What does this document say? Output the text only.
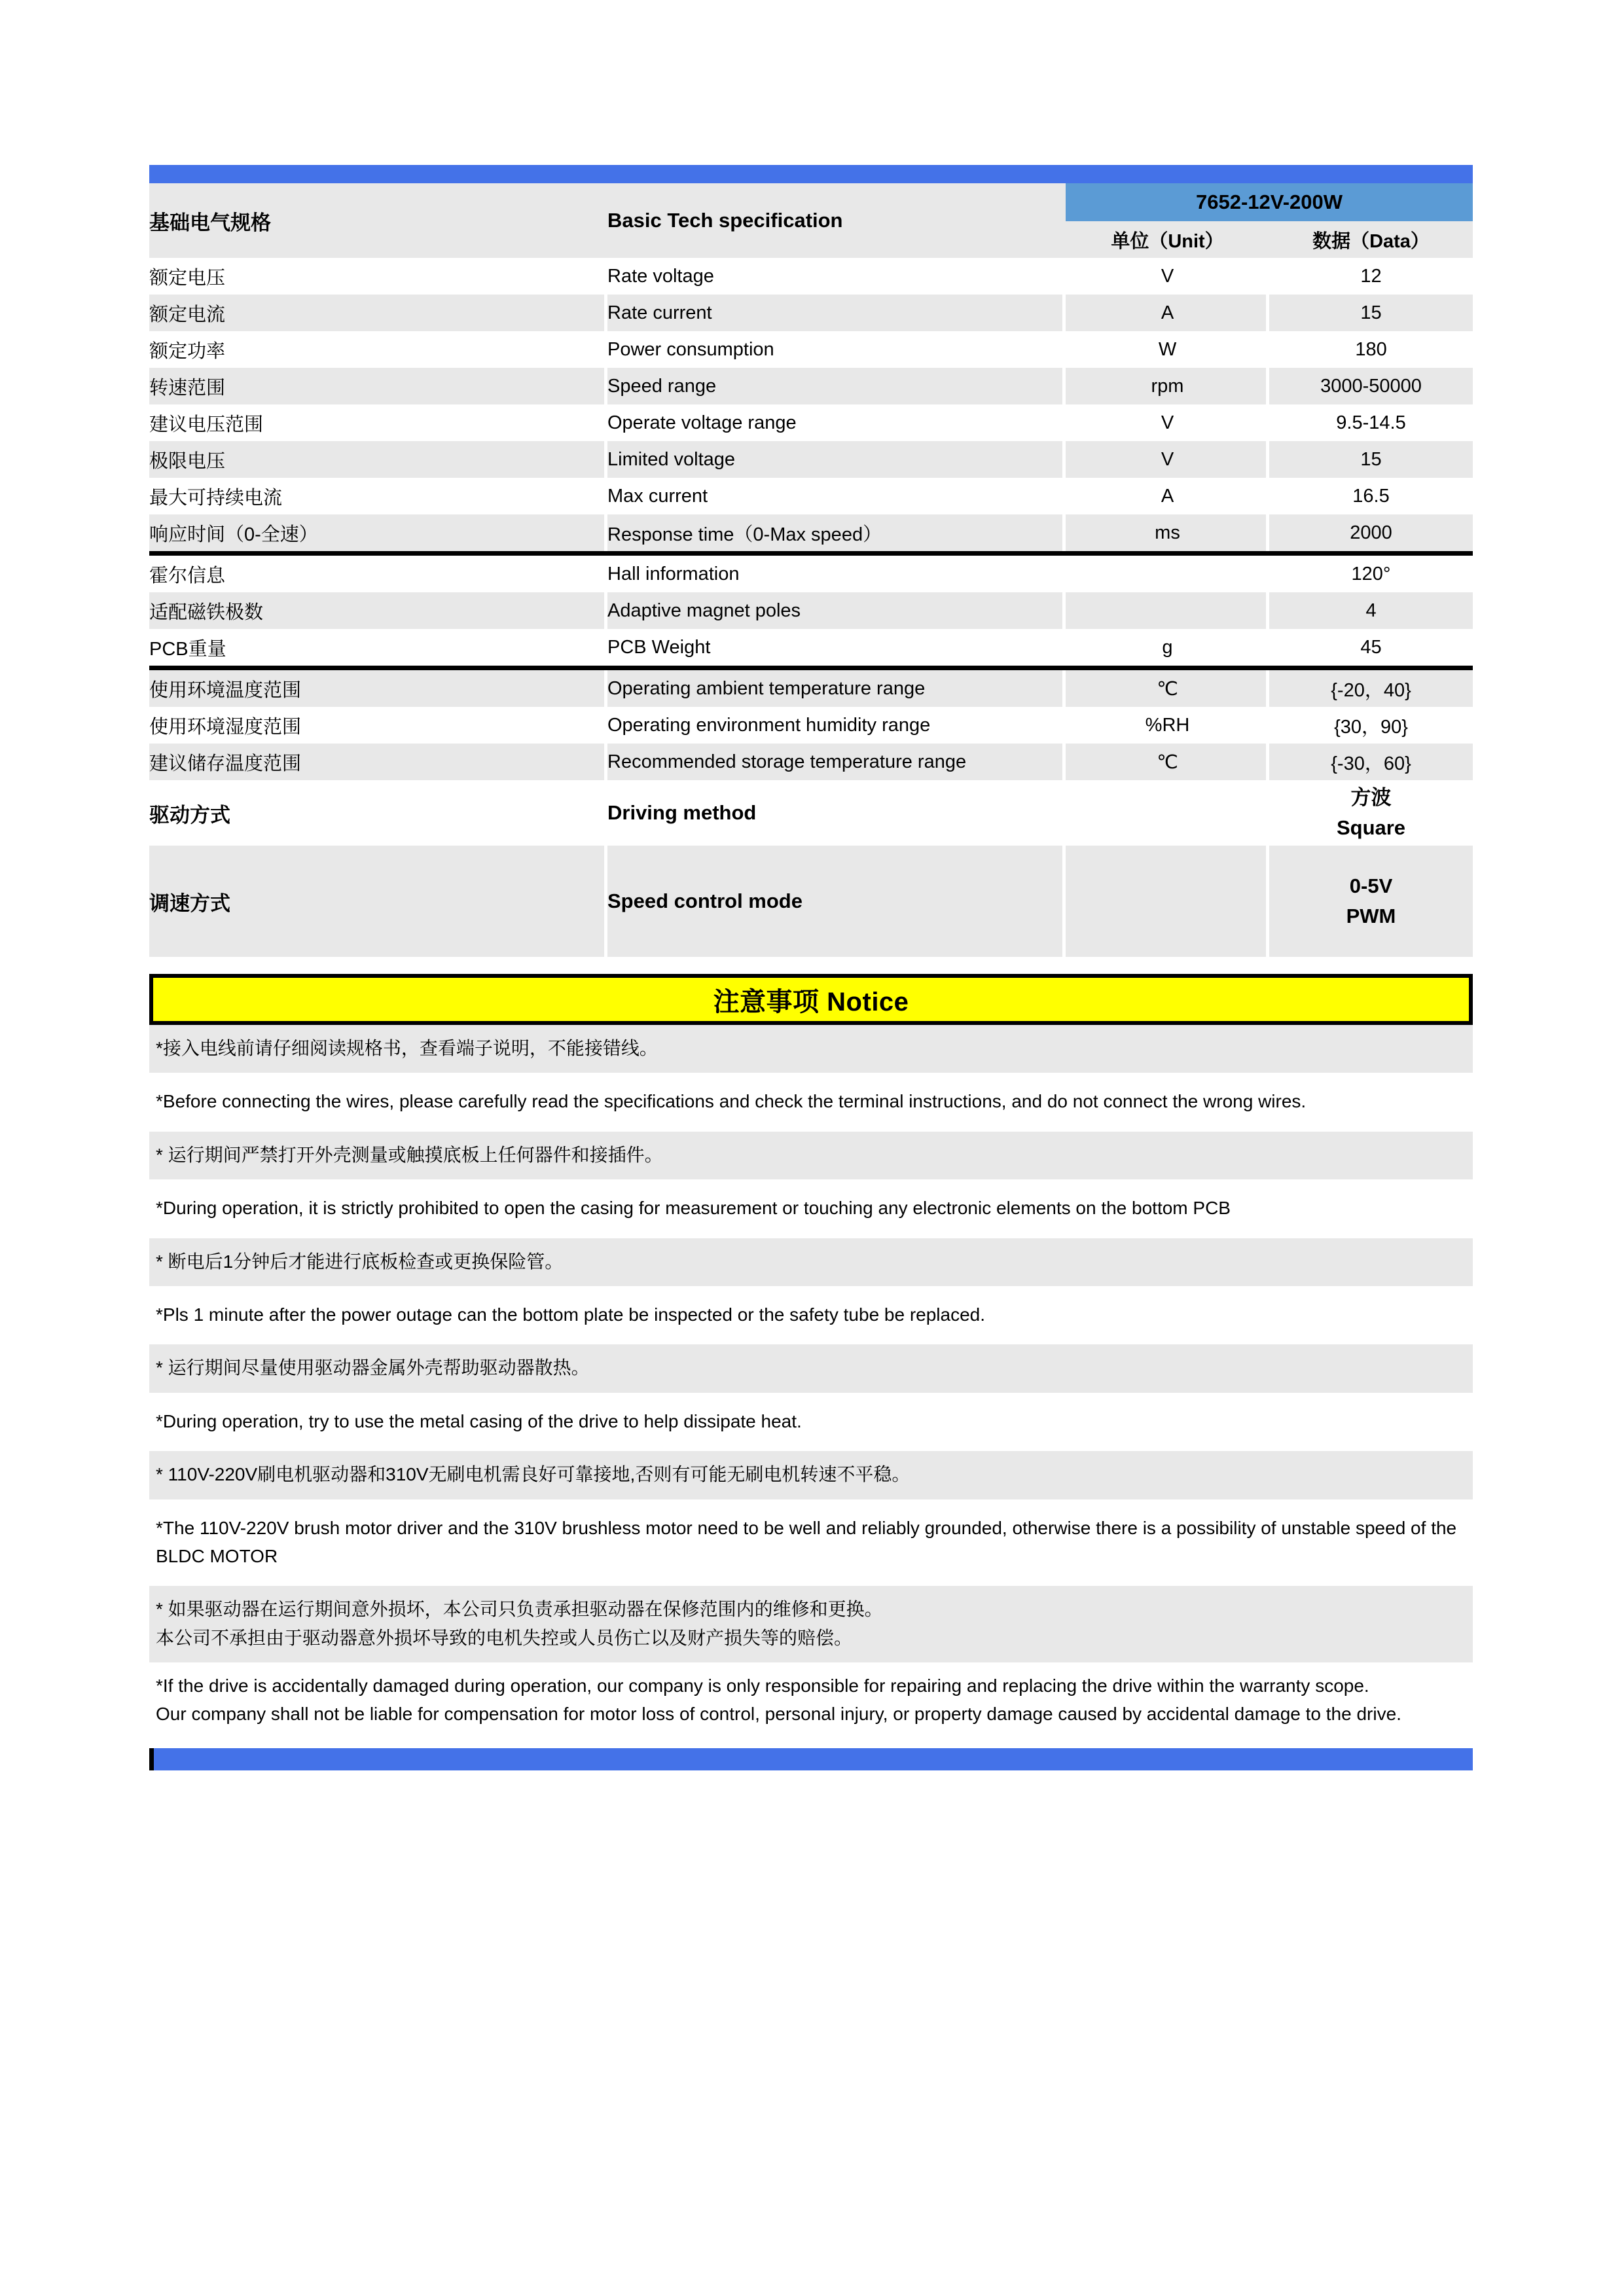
基础电气规格	Basic Tech specification	7652-12V-200W	
		单位（Unit）	数据（Data）
额定电压	Rate voltage	V	12
额定电流	Rate current	A	15
额定功率	Power consumption	W	180
转速范围	Speed range	rpm	3000-50000
建议电压范围	Operate voltage range	V	9.5-14.5
极限电压	Limited voltage	V	15
最大可持续电流	Max current	A	16.5
响应时间（0-全速）	Response time（0-Max speed）	ms	2000
霍尔信息	Hall information		120°
适配磁铁极数	Adaptive magnet poles		4
PCB重量	PCB Weight	g	45
使用环境温度范围	Operating ambient temperature range	℃	{-20，40}
使用环境湿度范围	Operating environment humidity range	%RH	{30，90}
建议储存温度范围	Recommended storage temperature range	℃	{-30，60}
驱动方式	Driving method		方波
Square

调速方式	Speed control mode		0-5V
PWM
注意事项 Notice
*接入电线前请仔细阅读规格书，查看端子说明，不能接错线。
*Before connecting the wires, please carefully read the specifications and check the terminal instructions, and do not connect the wrong wires.
* 运行期间严禁打开外壳测量或触摸底板上任何器件和接插件。
*During operation, it is strictly prohibited to open the casing for measurement or touching any electronic elements on the bottom PCB
* 断电后1分钟后才能进行底板检查或更换保险管。
*Pls 1 minute after the power outage can the bottom plate be inspected or the safety tube be replaced.
* 运行期间尽量使用驱动器金属外壳帮助驱动器散热。
*During operation, try to use the metal casing of the drive to help dissipate heat.
* 110V-220V刷电机驱动器和310V无刷电机需良好可靠接地,否则有可能无刷电机转速不平稳。
*The 110V-220V brush motor driver and the 310V brushless motor need to be well and reliably grounded, otherwise there is a possibility of unstable speed of the BLDC MOTOR
* 如果驱动器在运行期间意外损坏，本公司只负责承担驱动器在保修范围内的维修和更换。
本公司不承担由于驱动器意外损坏导致的电机失控或人员伤亡以及财产损失等的赔偿。
*If the drive is accidentally damaged during operation, our company is only responsible for repairing and replacing the drive within the warranty scope.
Our company shall not be liable for compensation for motor loss of control, personal injury, or property damage caused by accidental damage to the drive.
